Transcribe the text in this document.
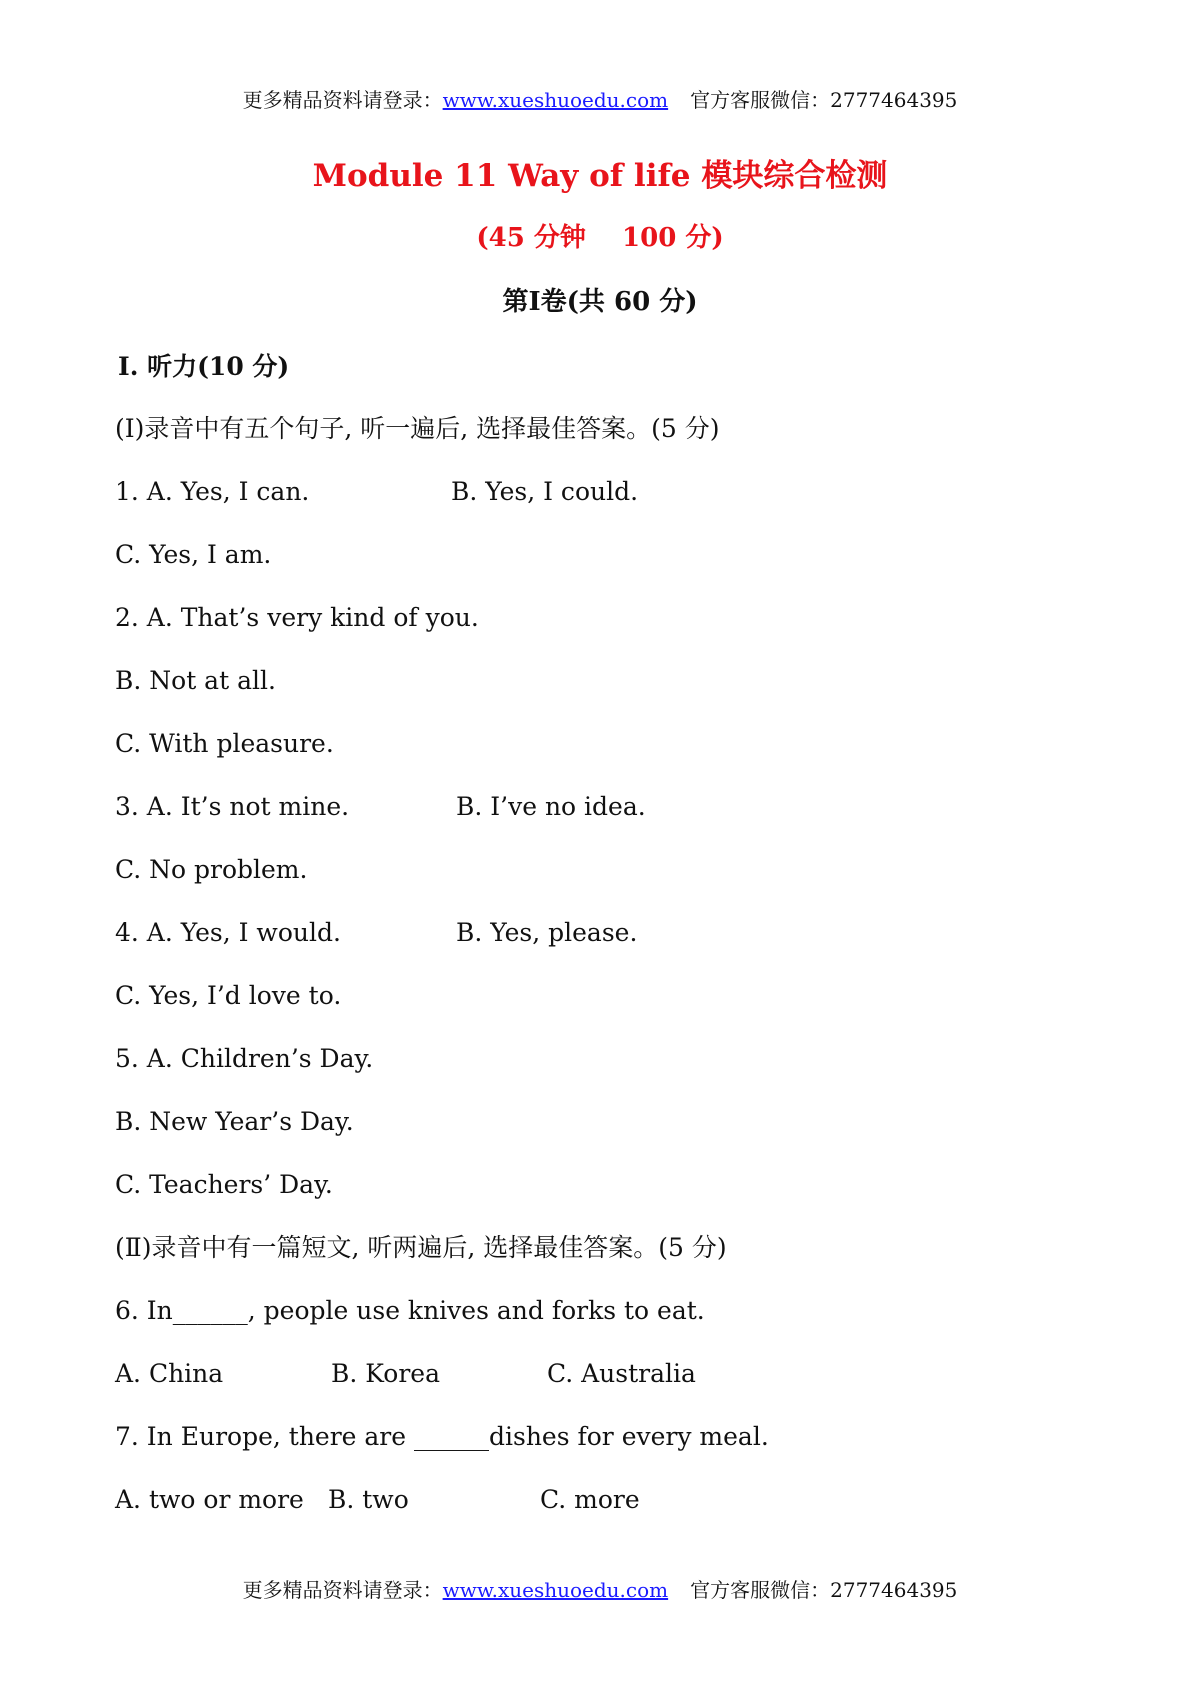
更多精品资料请登录：www.xueshuoedu.com 官方客服微信：2777464395
Module 11 Way of life 模块综合检测
(45 分钟    100 分)
第Ⅰ卷(共 60 分)
Ⅰ. 听力(10 分)
(Ⅰ)录音中有五个句子, 听一遍后, 选择最佳答案。(5 分)
1. A. Yes, I can.	B. Yes, I could.
C. Yes, I am.
2. A. That’s very kind of you.
B. Not at all.
C. With pleasure.
3. A. It’s not mine.	B. I’ve no idea.
C. No problem.
4. A. Yes, I would.	B. Yes, please.
C. Yes, I’d love to.
5. A. Children’s Day.
B. New Year’s Day.
C. Teachers’ Day.
(Ⅱ)录音中有一篇短文, 听两遍后, 选择最佳答案。(5 分)
6. In______, people use knives and forks to eat.
A. China	B. Korea	C. Australia
7. In Europe, there are ______dishes for every meal.
A. two or more B. two	C. more
更多精品资料请登录：www.xueshuoedu.com 官方客服微信：2777464395
